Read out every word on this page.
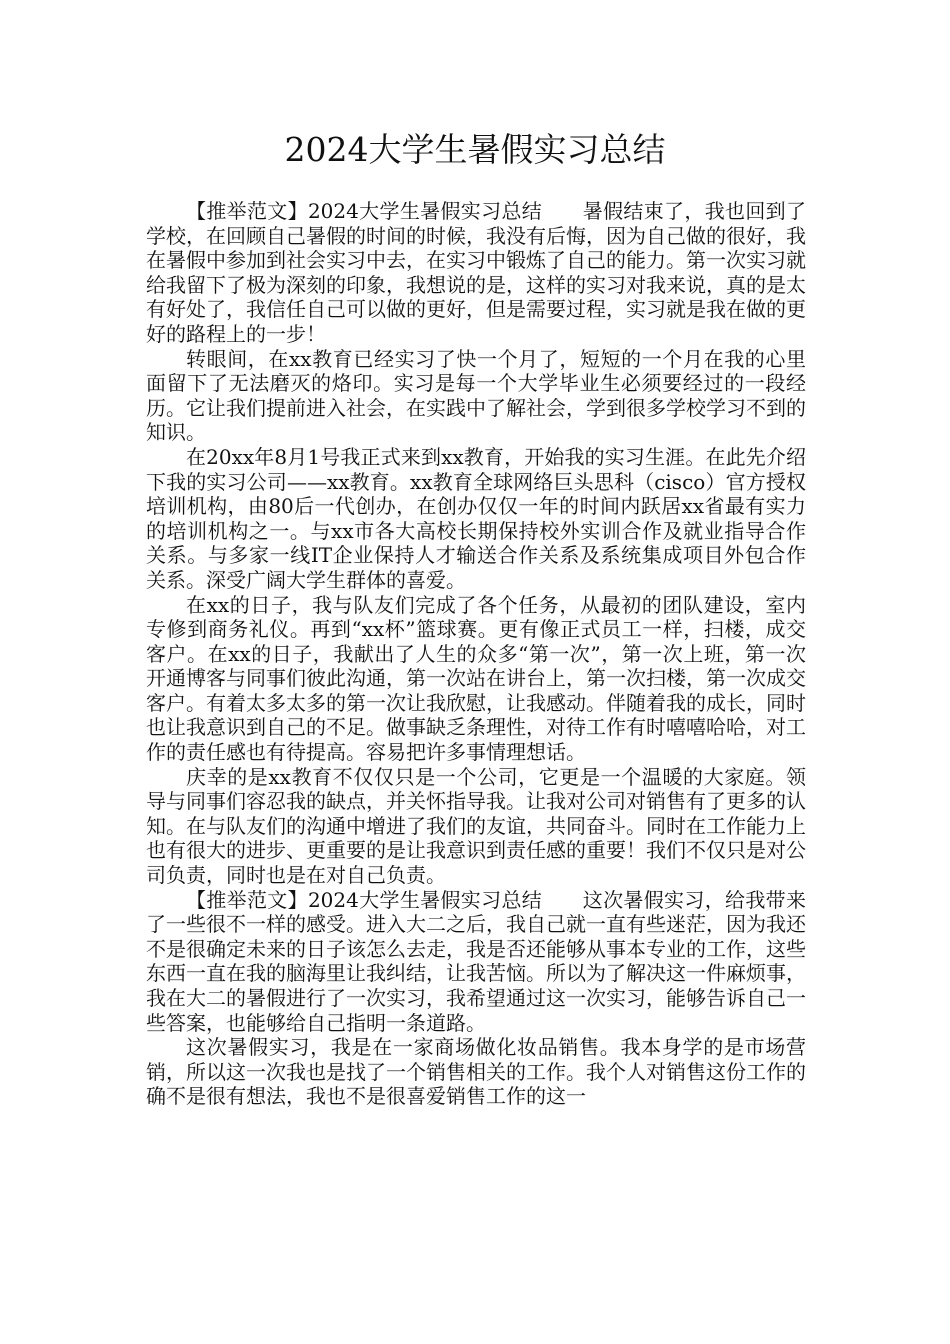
2024大学生暑假实习总结

【推举范文】2024大学生暑假实习总结　　暑假结束了，我也回到了学校，在回顾自己暑假的时间的时候，我没有后悔，因为自己做的很好，我在暑假中参加到社会实习中去，在实习中锻炼了自己的能力。第一次实习就给我留下了极为深刻的印象，我想说的是，这样的实习对我来说，真的是太有好处了，我信任自己可以做的更好，但是需要过程，实习就是我在做的更好的路程上的一步！

转眼间，在xx教育已经实习了快一个月了，短短的一个月在我的心里面留下了无法磨灭的烙印。实习是每一个大学毕业生必须要经过的一段经历。它让我们提前进入社会，在实践中了解社会，学到很多学校学习不到的知识。

在20xx年8月1号我正式来到xx教育，开始我的实习生涯。在此先介绍下我的实习公司——xx教育。xx教育全球网络巨头思科（cisco）官方授权培训机构，由80后一代创办，在创办仅仅一年的时间内跃居xx省最有实力的培训机构之一。与xx市各大高校长期保持校外实训合作及就业指导合作关系。与多家一线IT企业保持人才输送合作关系及系统集成项目外包合作关系。深受广阔大学生群体的喜爱。

在xx的日子，我与队友们完成了各个任务，从最初的团队建设，室内专修到商务礼仪。再到“xx杯”篮球赛。更有像正式员工一样，扫楼，成交客户。在xx的日子，我献出了人生的众多“第一次”，第一次上班，第一次开通博客与同事们彼此沟通，第一次站在讲台上，第一次扫楼，第一次成交客户。有着太多太多的第一次让我欣慰，让我感动。伴随着我的成长，同时也让我意识到自己的不足。做事缺乏条理性，对待工作有时嘻嘻哈哈，对工作的责任感也有待提高。容易把许多事情理想话。

庆幸的是xx教育不仅仅只是一个公司，它更是一个温暖的大家庭。领导与同事们容忍我的缺点，并关怀指导我。让我对公司对销售有了更多的认知。在与队友们的沟通中增进了我们的友谊，共同奋斗。同时在工作能力上也有很大的进步、更重要的是让我意识到责任感的重要！我们不仅只是对公司负责，同时也是在对自己负责。

【推举范文】2024大学生暑假实习总结　　这次暑假实习，给我带来了一些很不一样的感受。进入大二之后，我自己就一直有些迷茫，因为我还不是很确定未来的日子该怎么去走，我是否还能够从事本专业的工作，这些东西一直在我的脑海里让我纠结，让我苦恼。所以为了解决这一件麻烦事，我在大二的暑假进行了一次实习，我希望通过这一次实习，能够告诉自己一些答案，也能够给自己指明一条道路。

这次暑假实习，我是在一家商场做化妆品销售。我本身学的是市场营销，所以这一次我也是找了一个销售相关的工作。我个人对销售这份工作的确不是很有想法，我也不是很喜爱销售工作的这一
